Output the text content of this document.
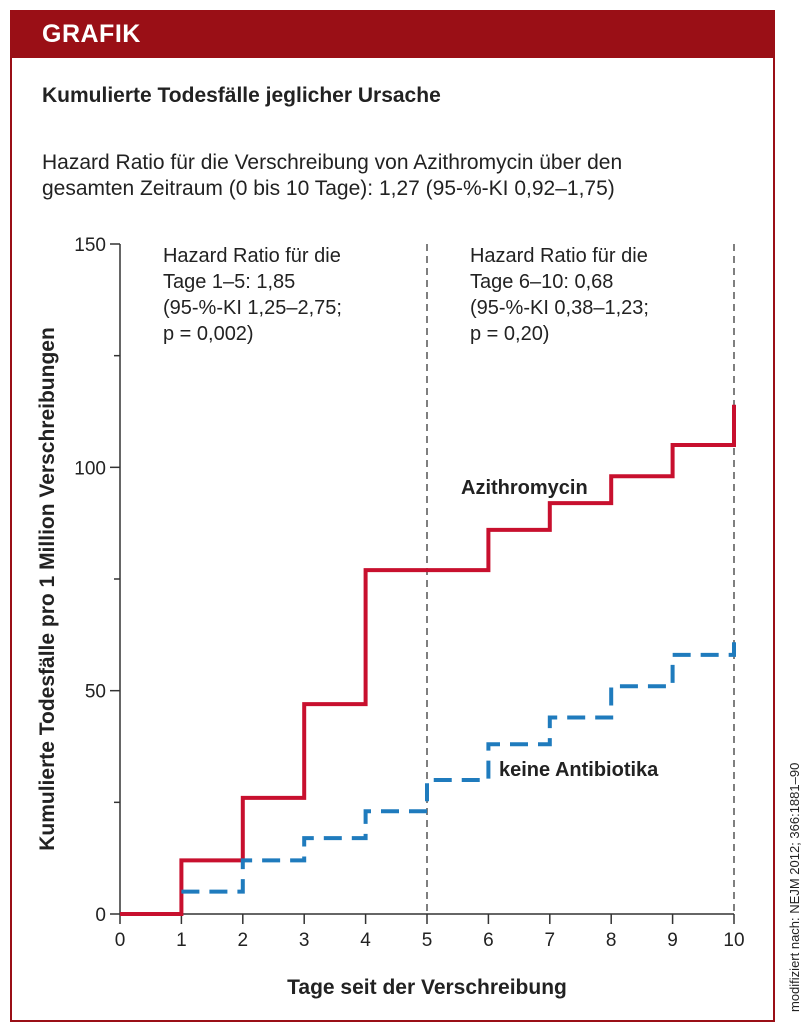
GRAFIK
Kumulierte Todesfälle jeglicher Ursache
Hazard Ratio für die Verschreibung von Azithromycin über den
gesamten Zeitraum (0 bis 10 Tage): 1,27 (95-%-KI 0,92–1,75)
0
50
100
150
0	1	2	3	4	5	6	7	8	9 10
Hazard Ratio für die Tage 1–5: 1,85 (95-%-KI 1,25–2,75; p = 0,002)
Hazard Ratio für die Tage 6–10: 0,68 (95-%-KI 0,38–1,23; p = 0,20)
Tage seit der Verschreibung
Kumulierte Todesfälle pro 1 Million Verschreibungen	Azithromycin
keine Antibiotika	modifiziert nach: NEJM 2012; 366:1881–90
